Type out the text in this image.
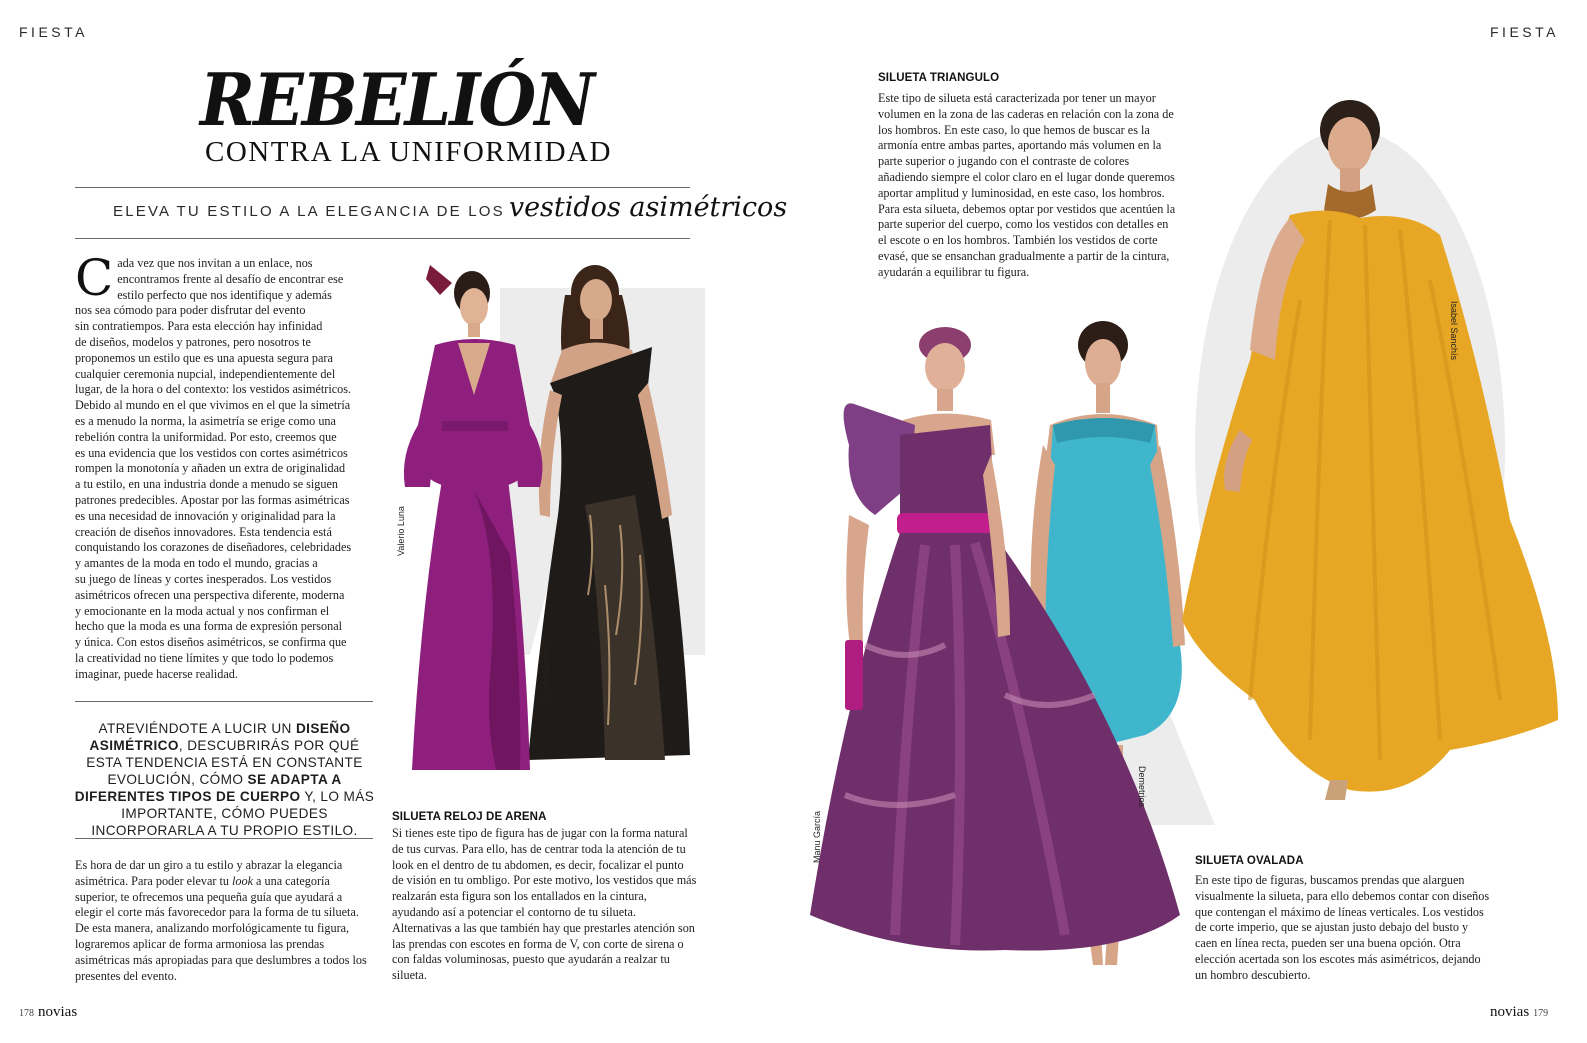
FIESTA
REBELIÓN
CONTRA LA UNIFORMIDAD
ELEVA TU ESTILO A LA ELEGANCIA DE LOS vestidos asimétricos
C ada vez que nos invitan a un enlace, nos
encontramos frente al desafío de encontrar ese
estilo perfecto que nos identifique y además
nos sea cómodo para poder disfrutar del evento
sin contratiempos. Para esta elección hay infinidad
de diseños, modelos y patrones, pero nosotros te
proponemos un estilo que es una apuesta segura para
cualquier ceremonia nupcial, independientemente del
lugar, de la hora o del contexto: los vestidos asimétricos.
Debido al mundo en el que vivimos en el que la simetría
es a menudo la norma, la asimetría se erige como una
rebelión contra la uniformidad. Por esto, creemos que
es una evidencia que los vestidos con cortes asimétricos
rompen la monotonía y añaden un extra de originalidad
a tu estilo, en una industria donde a menudo se siguen
patrones predecibles. Apostar por las formas asimétricas
es una necesidad de innovación y originalidad para la
creación de diseños innovadores. Esta tendencia está
conquistando los corazones de diseñadores, celebridades
y amantes de la moda en todo el mundo, gracias a
su juego de líneas y cortes inesperados. Los vestidos
asimétricos ofrecen una perspectiva diferente, moderna
y emocionante en la moda actual y nos confirman el
hecho que la moda es una forma de expresión personal
y única. Con estos diseños asimétricos, se confirma que
la creatividad no tiene límites y que todo lo podemos
imaginar, puede hacerse realidad.
ATREVIÉNDOTE A LUCIR UN DISEÑO ASIMÉTRICO, DESCUBRIRÁS POR QUÉ ESTA TENDENCIA ESTÁ EN CONSTANTE EVOLUCIÓN, CÓMO SE ADAPTA A DIFERENTES TIPOS DE CUERPO Y, LO MÁS IMPORTANTE, CÓMO PUEDES INCORPORARLA A TU PROPIO ESTILO.
Es hora de dar un giro a tu estilo y abrazar la elegancia asimétrica. Para poder elevar tu look a una categoría superior, te ofrecemos una pequeña guía que ayudará a elegir el corte más favorecedor para la forma de tu silueta. De esta manera, analizando morfológicamente tu figura, lograremos aplicar de forma armoniosa las prendas asimétricas más apropiadas para que deslumbres a todos los presentes del evento.
Valerio Luna
Agnes&Marie
SILUETA RELOJ DE ARENA
Si tienes este tipo de figura has de jugar con la forma natural de tus curvas. Para ello, has de centrar toda la atención de tu look en el dentro de tu abdomen, es decir, focalizar el punto de visión en tu ombligo. Por este motivo, los vestidos que más realzarán esta figura son los entallados en la cintura, ayudando así a potenciar el contorno de tu silueta. Alternativas a las que también hay que prestarles atención son las prendas con escotes en forma de V, con corte de sirena o con faldas voluminosas, puesto que ayudarán a realzar tu silueta.
178 novias
FIESTA
SILUETA TRIANGULO
Este tipo de silueta está caracterizada por tener un mayor volumen en la zona de las caderas en relación con la zona de los hombros. En este caso, lo que hemos de buscar es la armonía entre ambas partes, aportando más volumen en la parte superior o jugando con el contraste de colores añadiendo siempre el color claro en el lugar donde queremos aportar amplitud y luminosidad, en este caso, los hombros. Para esta silueta, debemos optar por vestidos que acentúen la parte superior del cuerpo, como los vestidos con detalles en el escote o en los hombros. También los vestidos de corte evasé, que se ensanchan gradualmente a partir de la cintura, ayudarán a equilibrar tu figura.
Manu García
Demetrios
Isabel Sanchís
SILUETA OVALADA
En este tipo de figuras, buscamos prendas que alarguen visualmente la silueta, para ello debemos contar con diseños que contengan el máximo de líneas verticales. Los vestidos de corte imperio, que se ajustan justo debajo del busto y caen en línea recta, pueden ser una buena opción. Otra elección acertada son los escotes más asimétricos, dejando un hombro descubierto.
novias 179
